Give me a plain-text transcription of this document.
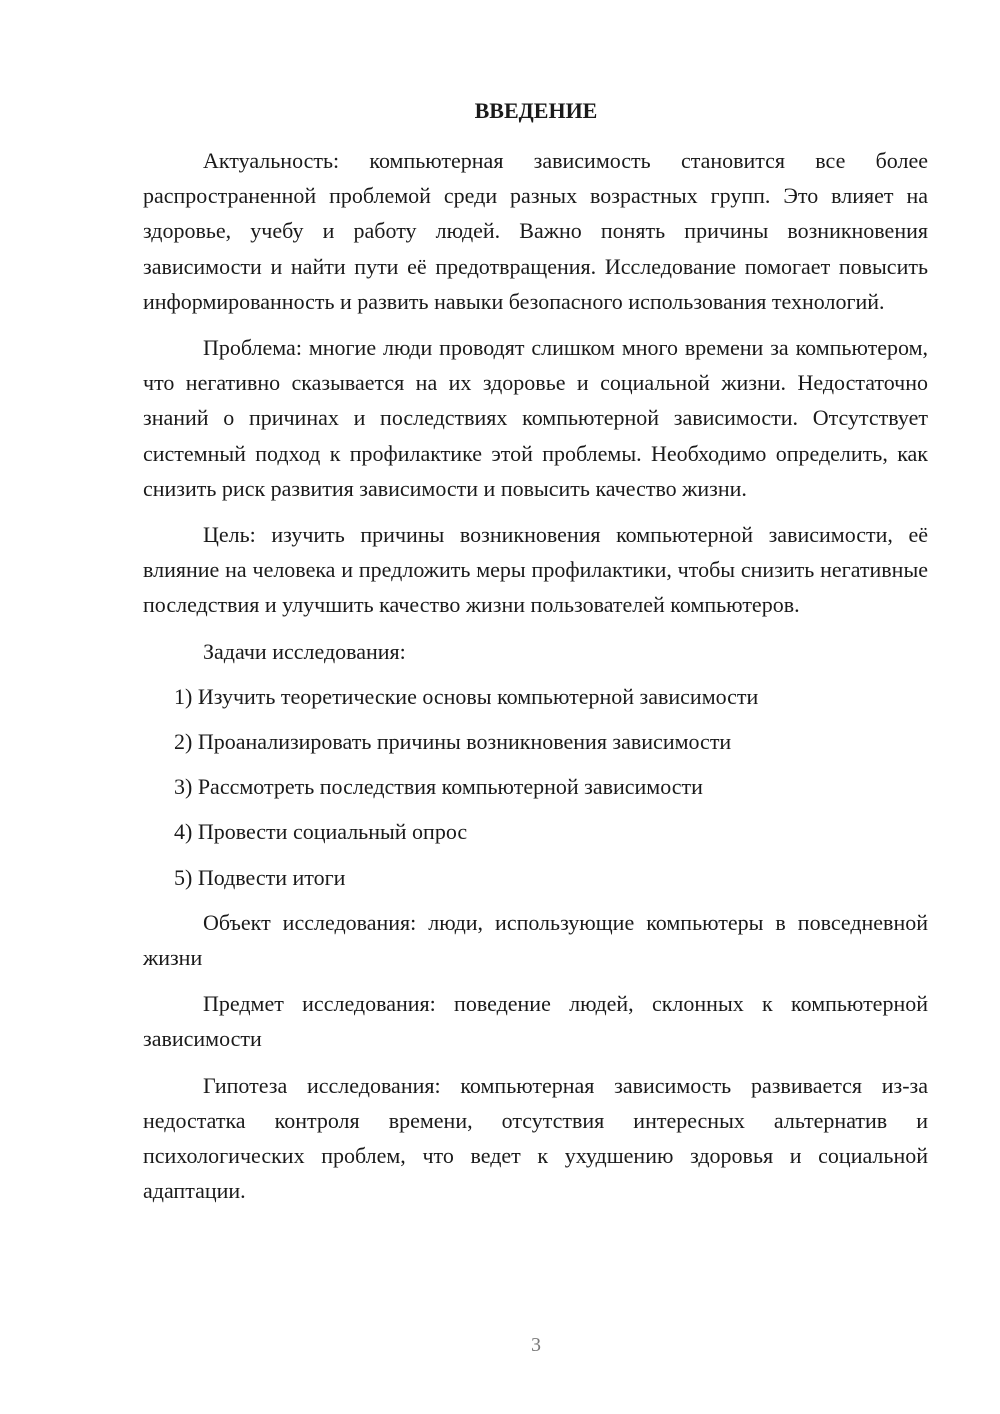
ВВЕДЕНИЕ

Актуальность: компьютерная зависимость становится все более распространенной проблемой среди разных возрастных групп. Это влияет на здоровье, учебу и работу людей. Важно понять причины возникновения зависимости и найти пути её предотвращения. Исследование помогает повысить информированность и развить навыки безопасного использования технологий.

Проблема: многие люди проводят слишком много времени за компьютером, что негативно сказывается на их здоровье и социальной жизни. Недостаточно знаний о причинах и последствиях компьютерной зависимости. Отсутствует системный подход к профилактике этой проблемы. Необходимо определить, как снизить риск развития зависимости и повысить качество жизни.

Цель: изучить причины возникновения компьютерной зависимости, её влияние на человека и предложить меры профилактики, чтобы снизить негативные последствия и улучшить качество жизни пользователей компьютеров.

Задачи исследования:

1) Изучить теоретические основы компьютерной зависимости
2) Проанализировать причины возникновения зависимости
3) Рассмотреть последствия компьютерной зависимости
4) Провести социальный опрос
5) Подвести итоги

Объект исследования: люди, использующие компьютеры в повседневной жизни

Предмет исследования: поведение людей, склонных к компьютерной зависимости

Гипотеза исследования: компьютерная зависимость развивается из-за недостатка контроля времени, отсутствия интересных альтернатив и психологических проблем, что ведет к ухудшению здоровья и социальной адаптации.

3
